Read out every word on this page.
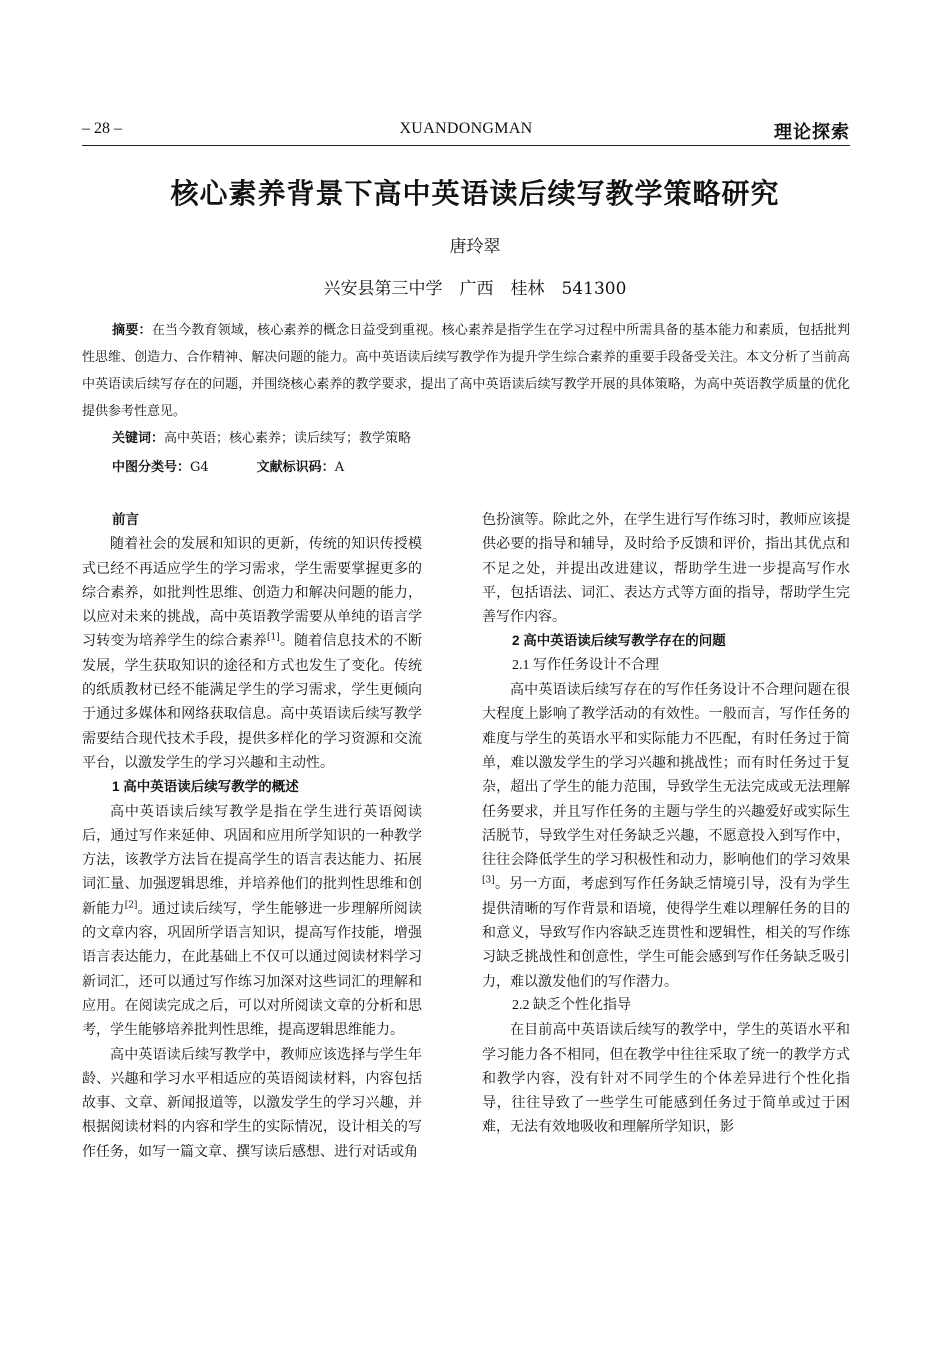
– 28 –	XUANDONGMAN	理论探索
核心素养背景下高中英语读后续写教学策略研究
唐玲翠
兴安县第三中学　广西　桂林　541300
摘要：在当今教育领域，核心素养的概念日益受到重视。核心素养是指学生在学习过程中所需具备的基本能力和素质，包括批判性思维、创造力、合作精神、解决问题的能力。高中英语读后续写教学作为提升学生综合素养的重要手段备受关注。本文分析了当前高中英语读后续写存在的问题，并围绕核心素养的教学要求，提出了高中英语读后续写教学开展的具体策略，为高中英语教学质量的优化提供参考性意见。
关键词：高中英语；核心素养；读后续写；教学策略
中图分类号：G4	文献标识码：A
前言

随着社会的发展和知识的更新，传统的知识传授模式已经不再适应学生的学习需求，学生需要掌握更多的综合素养，如批判性思维、创造力和解决问题的能力，以应对未来的挑战，高中英语教学需要从单纯的语言学习转变为培养学生的综合素养[1]。随着信息技术的不断发展，学生获取知识的途径和方式也发生了变化。传统的纸质教材已经不能满足学生的学习需求，学生更倾向于通过多媒体和网络获取信息。高中英语读后续写教学需要结合现代技术手段，提供多样化的学习资源和交流平台，以激发学生的学习兴趣和主动性。

1 高中英语读后续写教学的概述

高中英语读后续写教学是指在学生进行英语阅读后，通过写作来延伸、巩固和应用所学知识的一种教学方法，该教学方法旨在提高学生的语言表达能力、拓展词汇量、加强逻辑思维，并培养他们的批判性思维和创新能力[2]。通过读后续写，学生能够进一步理解所阅读的文章内容，巩固所学语言知识，提高写作技能，增强语言表达能力，在此基础上不仅可以通过阅读材料学习新词汇，还可以通过写作练习加深对这些词汇的理解和应用。在阅读完成之后，可以对所阅读文章的分析和思考，学生能够培养批判性思维，提高逻辑思维能力。

高中英语读后续写教学中，教师应该选择与学生年龄、兴趣和学习水平相适应的英语阅读材料，内容包括故事、文章、新闻报道等，以激发学生的学习兴趣，并根据阅读材料的内容和学生的实际情况，设计相关的写作任务，如写一篇文章、撰写读后感想、进行对话或角

色扮演等。除此之外，在学生进行写作练习时，教师应该提供必要的指导和辅导，及时给予反馈和评价，指出其优点和不足之处，并提出改进建议，帮助学生进一步提高写作水平，包括语法、词汇、表达方式等方面的指导，帮助学生完善写作内容。

2 高中英语读后续写教学存在的问题
2.1 写作任务设计不合理

高中英语读后续写存在的写作任务设计不合理问题在很大程度上影响了教学活动的有效性。一般而言，写作任务的难度与学生的英语水平和实际能力不匹配，有时任务过于简单，难以激发学生的学习兴趣和挑战性；而有时任务过于复杂，超出了学生的能力范围，导致学生无法完成或无法理解任务要求，并且写作任务的主题与学生的兴趣爱好或实际生活脱节，导致学生对任务缺乏兴趣，不愿意投入到写作中，往往会降低学生的学习积极性和动力，影响他们的学习效果[3]。另一方面，考虑到写作任务缺乏情境引导，没有为学生提供清晰的写作背景和语境，使得学生难以理解任务的目的和意义，导致写作内容缺乏连贯性和逻辑性，相关的写作练习缺乏挑战性和创意性，学生可能会感到写作任务缺乏吸引力，难以激发他们的写作潜力。

2.2 缺乏个性化指导

在目前高中英语读后续写的教学中，学生的英语水平和学习能力各不相同，但在教学中往往采取了统一的教学方式和教学内容，没有针对不同学生的个体差异进行个性化指导，往往导致了一些学生可能感到任务过于简单或过于困难，无法有效地吸收和理解所学知识，影
